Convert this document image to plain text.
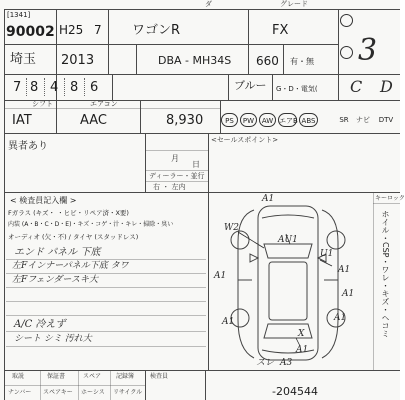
ダ	グレード
[1341]
90002 H25 7 ワゴンR	FX
3
埼玉	2013	DBA - MH34S	660 有・無
7 8 4 8 6	ブルー	G・D・電気(	C D
シフト	エアコン
IAT	AAC	8,930	PS	PW	AW エアB ABS	SR	ナビ	DTV
異者あり
月
日
ディーラー・並行
右 ・ 左内
<セールスポイント>
< 検査員記入欄 >
Fガラス (キズ・ ・ヒビ・リペア済・X要)
内装 (A・B・C・D・E)・キズ・コゲ・汁・キレ・掃除・臭い
オーディオ (欠・不) / タイヤ (スタッドレス)
エンド パネル 下底
左Fインナーパネル下底 タワ
左Fフェンダースキ大
A/C 冷えず
シート シミ 汚れ大
キーロック
ホイル・CSP・ワレ・キズ・ヘコミ
A1
W2
AU1
U1
A1
A1
A1
A1
X
A1
A1
スレ A3
取説	保証書	スペア	記録簿
ナンバー	スペアキー	ホーシス	リサイクル
検査員
-204544
